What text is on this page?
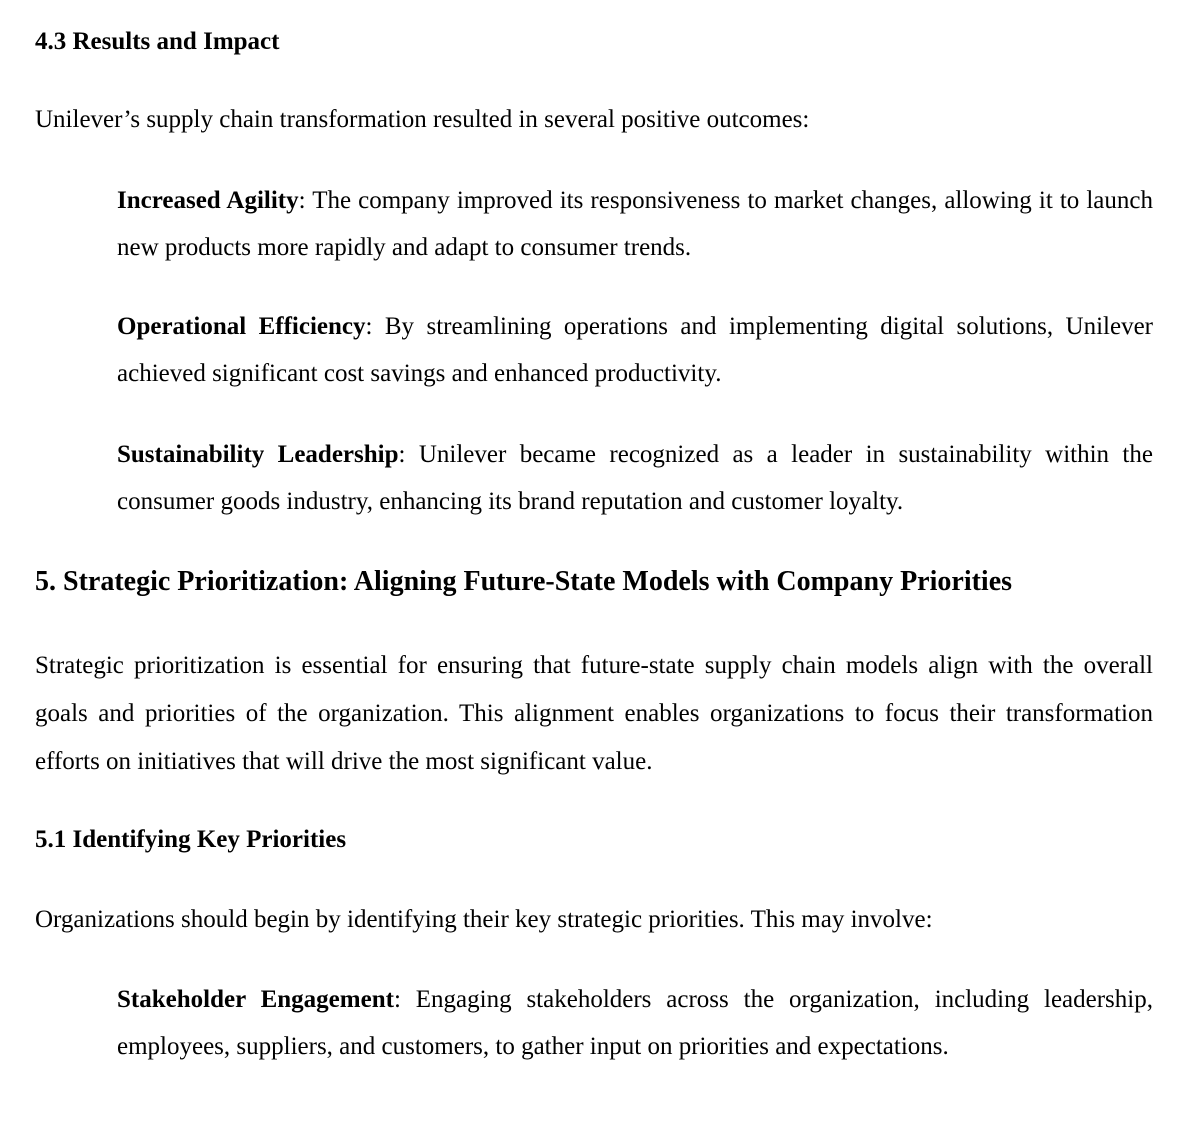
4.3 Results and Impact
Unilever’s supply chain transformation resulted in several positive outcomes:
Increased Agility: The company improved its responsiveness to market changes, allowing it to launch new products more rapidly and adapt to consumer trends.
Operational Efficiency: By streamlining operations and implementing digital solutions, Unilever achieved significant cost savings and enhanced productivity.
Sustainability Leadership: Unilever became recognized as a leader in sustainability within the consumer goods industry, enhancing its brand reputation and customer loyalty.
5. Strategic Prioritization: Aligning Future-State Models with Company Priorities
Strategic prioritization is essential for ensuring that future-state supply chain models align with the overall goals and priorities of the organization. This alignment enables organizations to focus their transformation efforts on initiatives that will drive the most significant value.
5.1 Identifying Key Priorities
Organizations should begin by identifying their key strategic priorities. This may involve:
Stakeholder Engagement: Engaging stakeholders across the organization, including leadership, employees, suppliers, and customers, to gather input on priorities and expectations.
